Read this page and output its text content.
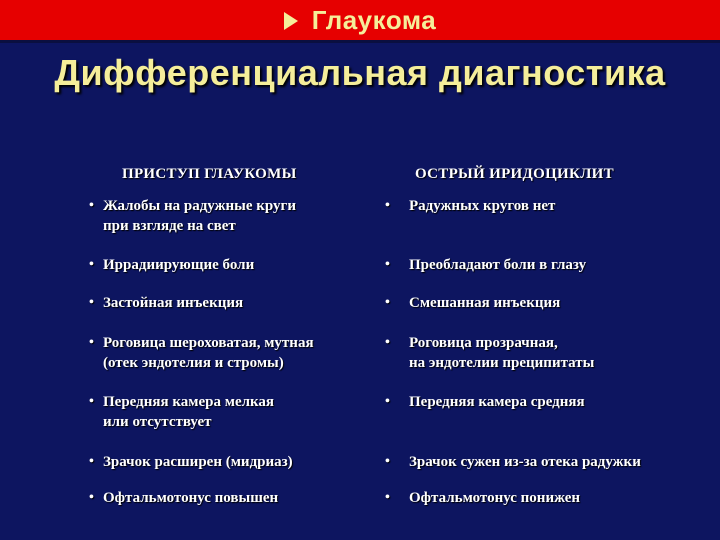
Глаукома
Дифференциальная диагностика
ПРИСТУП ГЛАУКОМЫ	ОСТРЫЙ ИРИДОЦИКЛИТ
• Жалобы на радужные круги
при взгляде на свет
• Иррадиирующие боли
• Застойная инъекция
• Роговица шероховатая, мутная
(отек эндотелия и стромы)
• Передняя камера мелкая
или отсутствует
• Зрачок расширен (мидриаз)
• Офтальмотонус повышен
• Радужных кругов нет
• Преобладают боли в глазу
• Смешанная инъекция
• Роговица прозрачная,
на эндотелии преципитаты
• Передняя камера средняя
• Зрачок сужен из-за отека радужки
• Офтальмотонус понижен
